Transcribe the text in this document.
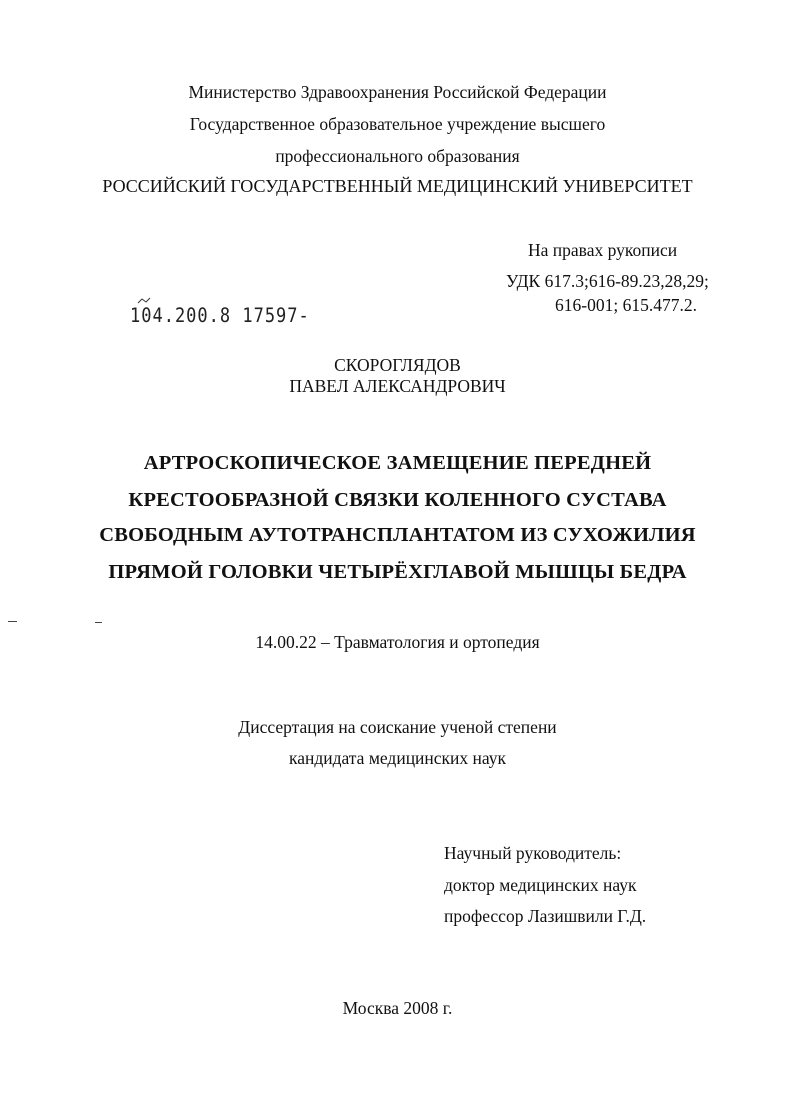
Министерство Здравоохранения Российской Федерации
Государственное образовательное учреждение высшего
профессионального образования
РОССИЙСКИЙ ГОСУДАРСТВЕННЫЙ МЕДИЦИНСКИЙ УНИВЕРСИТЕТ
На правах рукописи
УДК 617.3;616-89.23,28,29;
616-001; 615.477.2.
104.200.8 17597-
СКОРОГЛЯДОВ
ПАВЕЛ АЛЕКСАНДРОВИЧ
АРТРОСКОПИЧЕСКОЕ ЗАМЕЩЕНИЕ ПЕРЕДНЕЙ
КРЕСТООБРАЗНОЙ СВЯЗКИ КОЛЕННОГО СУСТАВА
СВОБОДНЫМ АУТОТРАНСПЛАНТАТОМ ИЗ СУХОЖИЛИЯ
ПРЯМОЙ ГОЛОВКИ ЧЕТЫРЁХГЛАВОЙ МЫШЦЫ БЕДРА
14.00.22 – Травматология и ортопедия
Диссертация на соискание ученой степени
кандидата медицинских наук
Научный руководитель:
доктор медицинских наук
профессор Лазишвили Г.Д.
Москва 2008 г.
